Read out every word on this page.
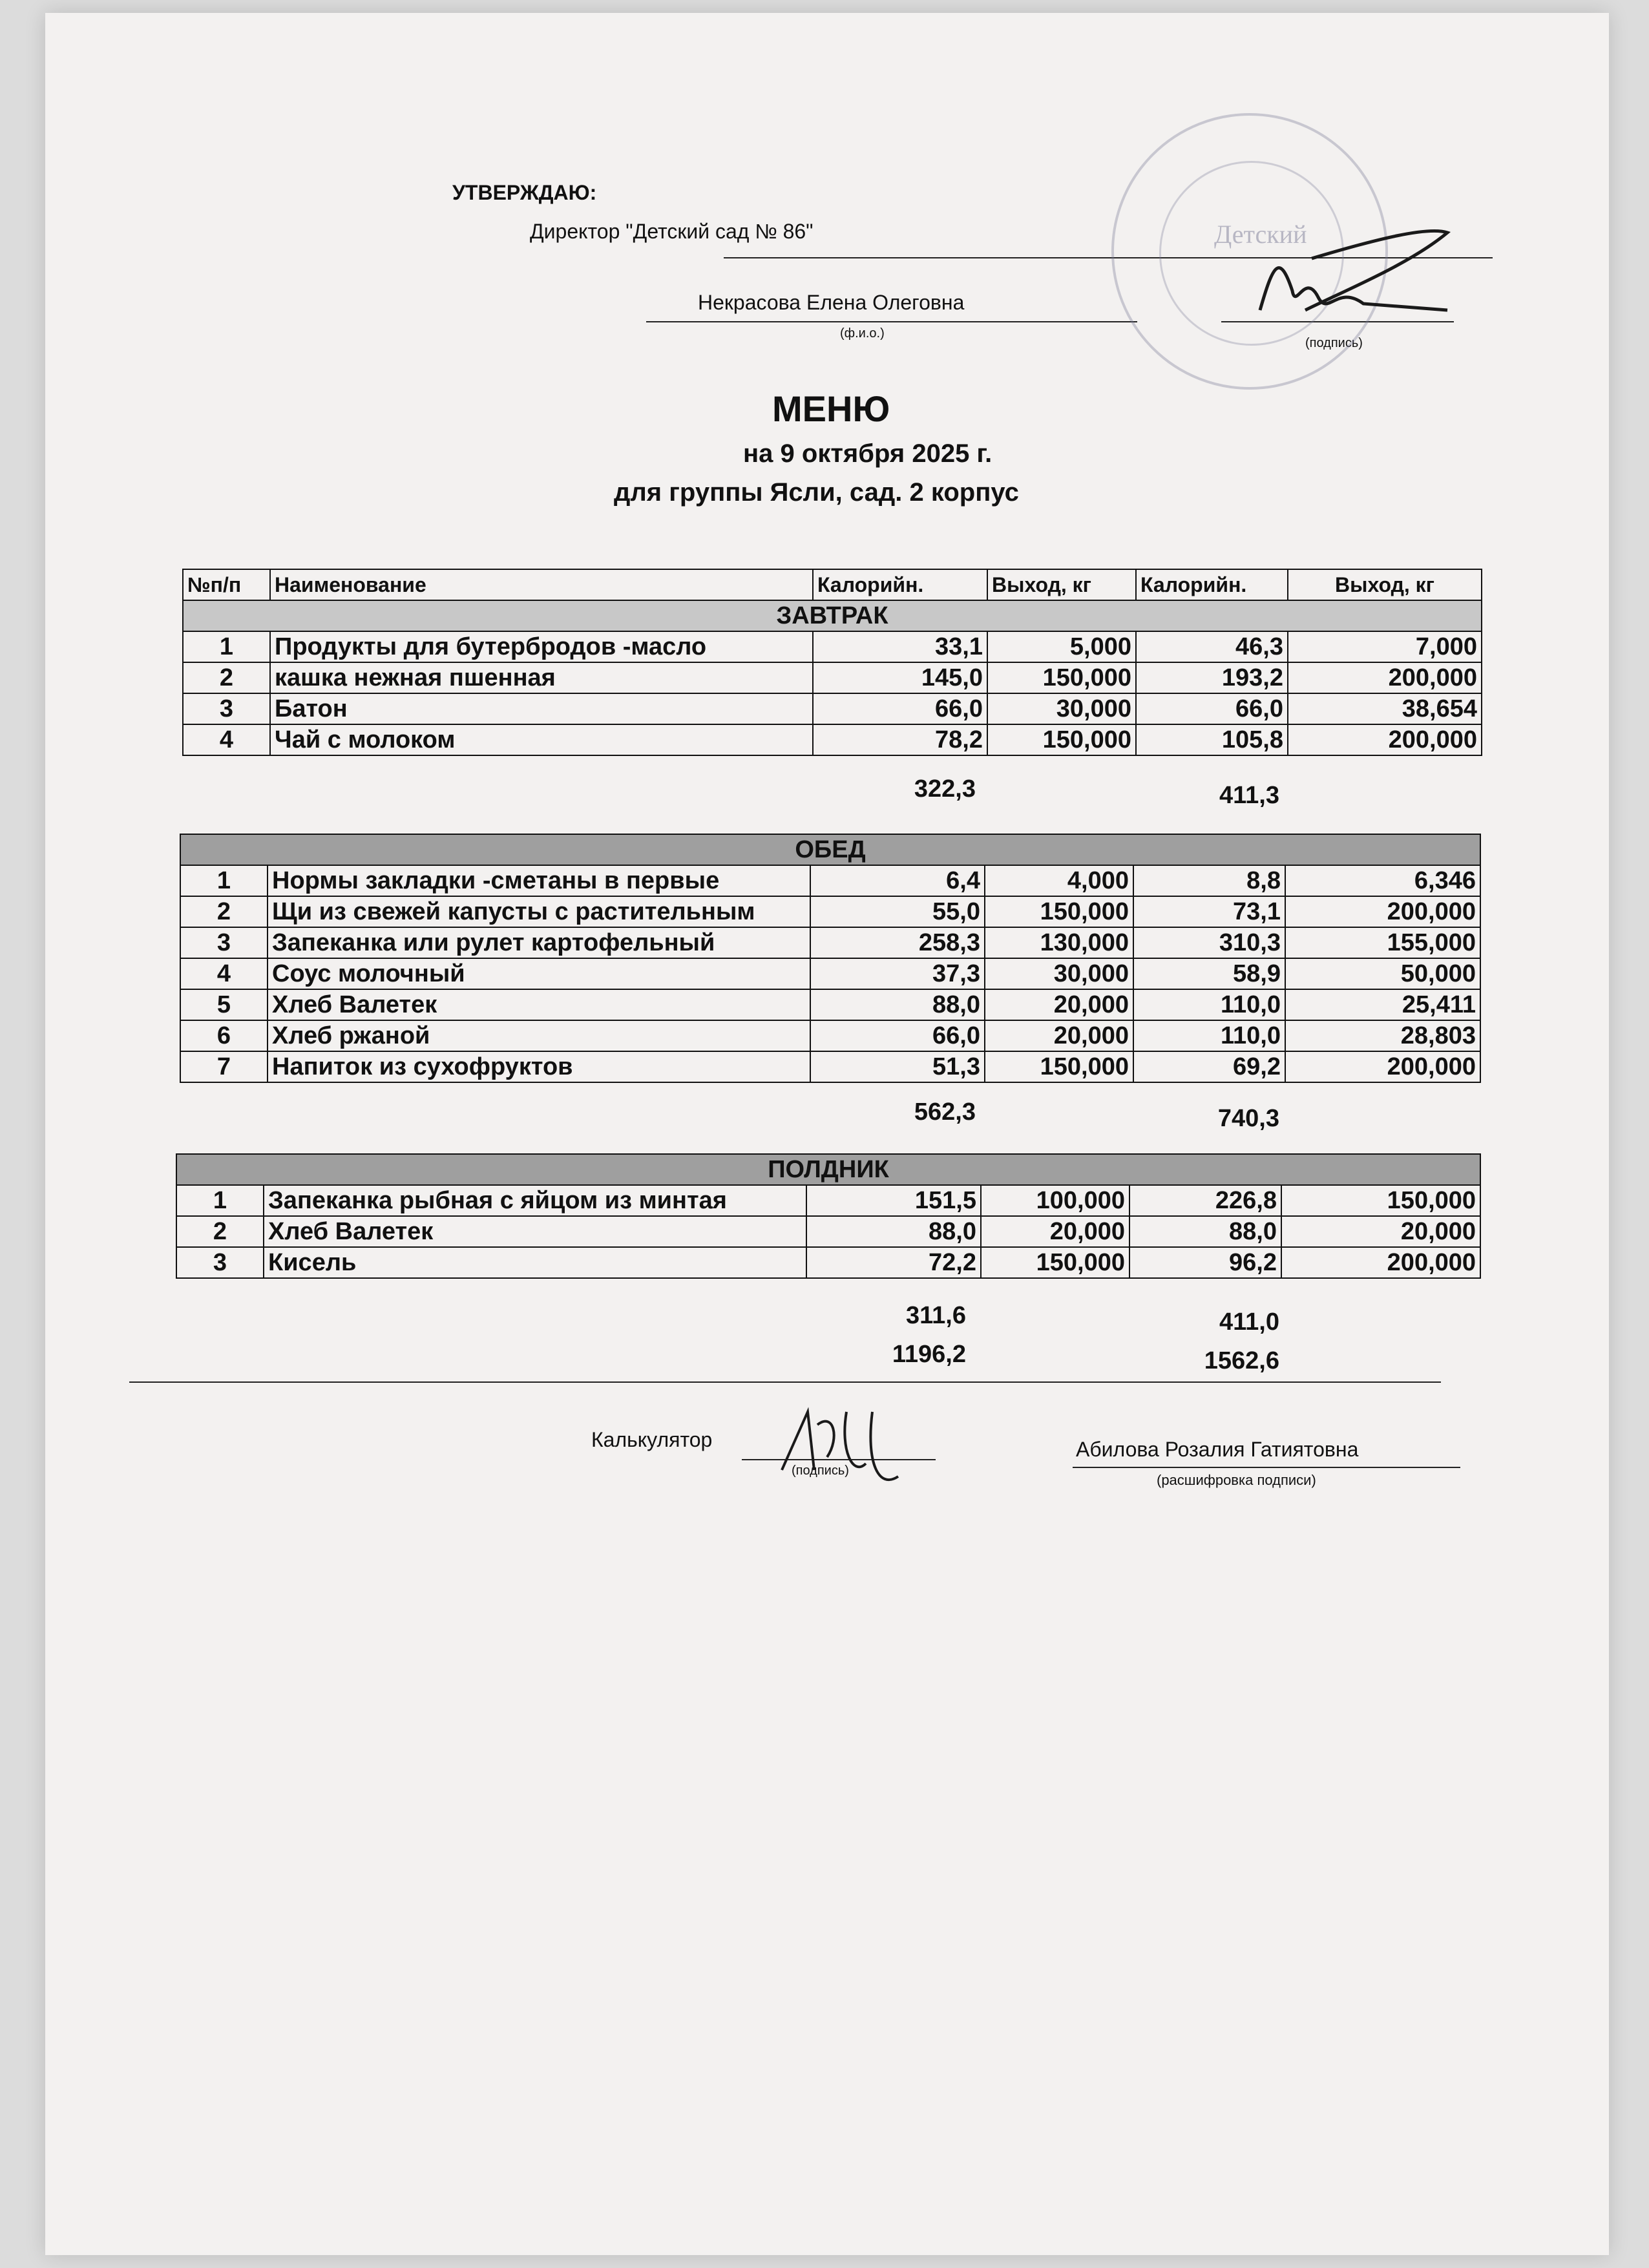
УТВЕРЖДАЮ:
Директор "Детский сад № 86"
Некрасова Елена Олеговна
(ф.и.о.)
(подпись)
Детский
МЕНЮ
на 9 октября 2025 г.
для группы Ясли, сад. 2 корпус
№п/п	Наименование	Калорийн.	Выход, кг	Калорийн.	Выход, кг
ЗАВТРАК					
1	Продукты для бутербродов -масло	33,1	5,000	46,3	7,000
2	кашка нежная пшенная	145,0	150,000	193,2	200,000
3	Батон	66,0	30,000	66,0	38,654
4	Чай с молоком	78,2	150,000	105,8	200,000
322,3	411,3
ОБЕД					
1	Нормы закладки -сметаны в первые	6,4	4,000	8,8	6,346
2	Щи из свежей капусты с растительным	55,0	150,000	73,1	200,000
3	Запеканка или рулет картофельный	258,3	130,000	310,3	155,000
4	Соус молочный	37,3	30,000	58,9	50,000
5	Хлеб Валетек	88,0	20,000	110,0	25,411
6	Хлеб ржаной	66,0	20,000	110,0	28,803
7	Напиток из сухофруктов	51,3	150,000	69,2	200,000
562,3	740,3
ПОЛДНИК					
1	Запеканка рыбная с яйцом из минтая	151,5	100,000	226,8	150,000
2	Хлеб Валетек	88,0	20,000	88,0	20,000
3	Кисель	72,2	150,000	96,2	200,000
311,6	411,0
1196,2	1562,6
Калькулятор
(подпись)
Абилова Розалия Гатиятовна
(расшифровка подписи)
